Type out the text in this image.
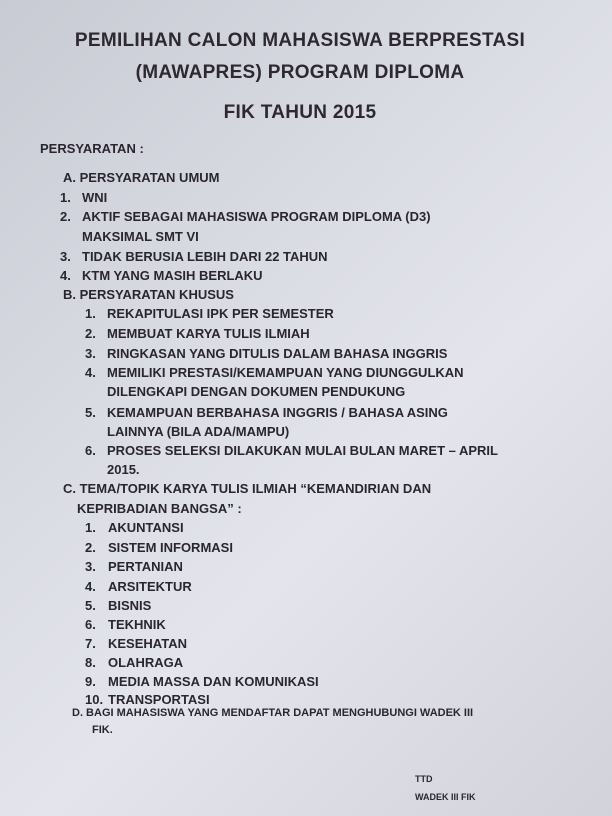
PEMILIHAN CALON MAHASISWA BERPRESTASI
(MAWAPRES) PROGRAM DIPLOMA
FIK TAHUN 2015
PERSYARATAN :
A. PERSYARATAN UMUM
1. WNI
2. AKTIF SEBAGAI MAHASISWA PROGRAM DIPLOMA (D3)
MAKSIMAL SMT VI
3. TIDAK BERUSIA LEBIH DARI 22 TAHUN
4. KTM YANG MASIH BERLAKU
B. PERSYARATAN KHUSUS
1. REKAPITULASI IPK PER SEMESTER
2. MEMBUAT KARYA TULIS ILMIAH
3. RINGKASAN YANG DITULIS DALAM BAHASA INGGRIS
4. MEMILIKI PRESTASI/KEMAMPUAN YANG DIUNGGULKAN
DILENGKAPI DENGAN DOKUMEN PENDUKUNG
5. KEMAMPUAN BERBAHASA INGGRIS / BAHASA ASING
LAINNYA (BILA ADA/MAMPU)
6. PROSES SELEKSI DILAKUKAN MULAI BULAN MARET – APRIL
2015.
C. TEMA/TOPIK KARYA TULIS ILMIAH “KEMANDIRIAN DAN
KEPRIBADIAN BANGSA” :
1. AKUNTANSI
2. SISTEM INFORMASI
3. PERTANIAN
4. ARSITEKTUR
5. BISNIS
6. TEKHNIK
7. KESEHATAN
8. OLAHRAGA
9. MEDIA MASSA DAN KOMUNIKASI
10. TRANSPORTASI
D. BAGI MAHASISWA YANG MENDAFTAR DAPAT MENGHUBUNGI WADEK III
FIK.
TTD
WADEK III FIK
